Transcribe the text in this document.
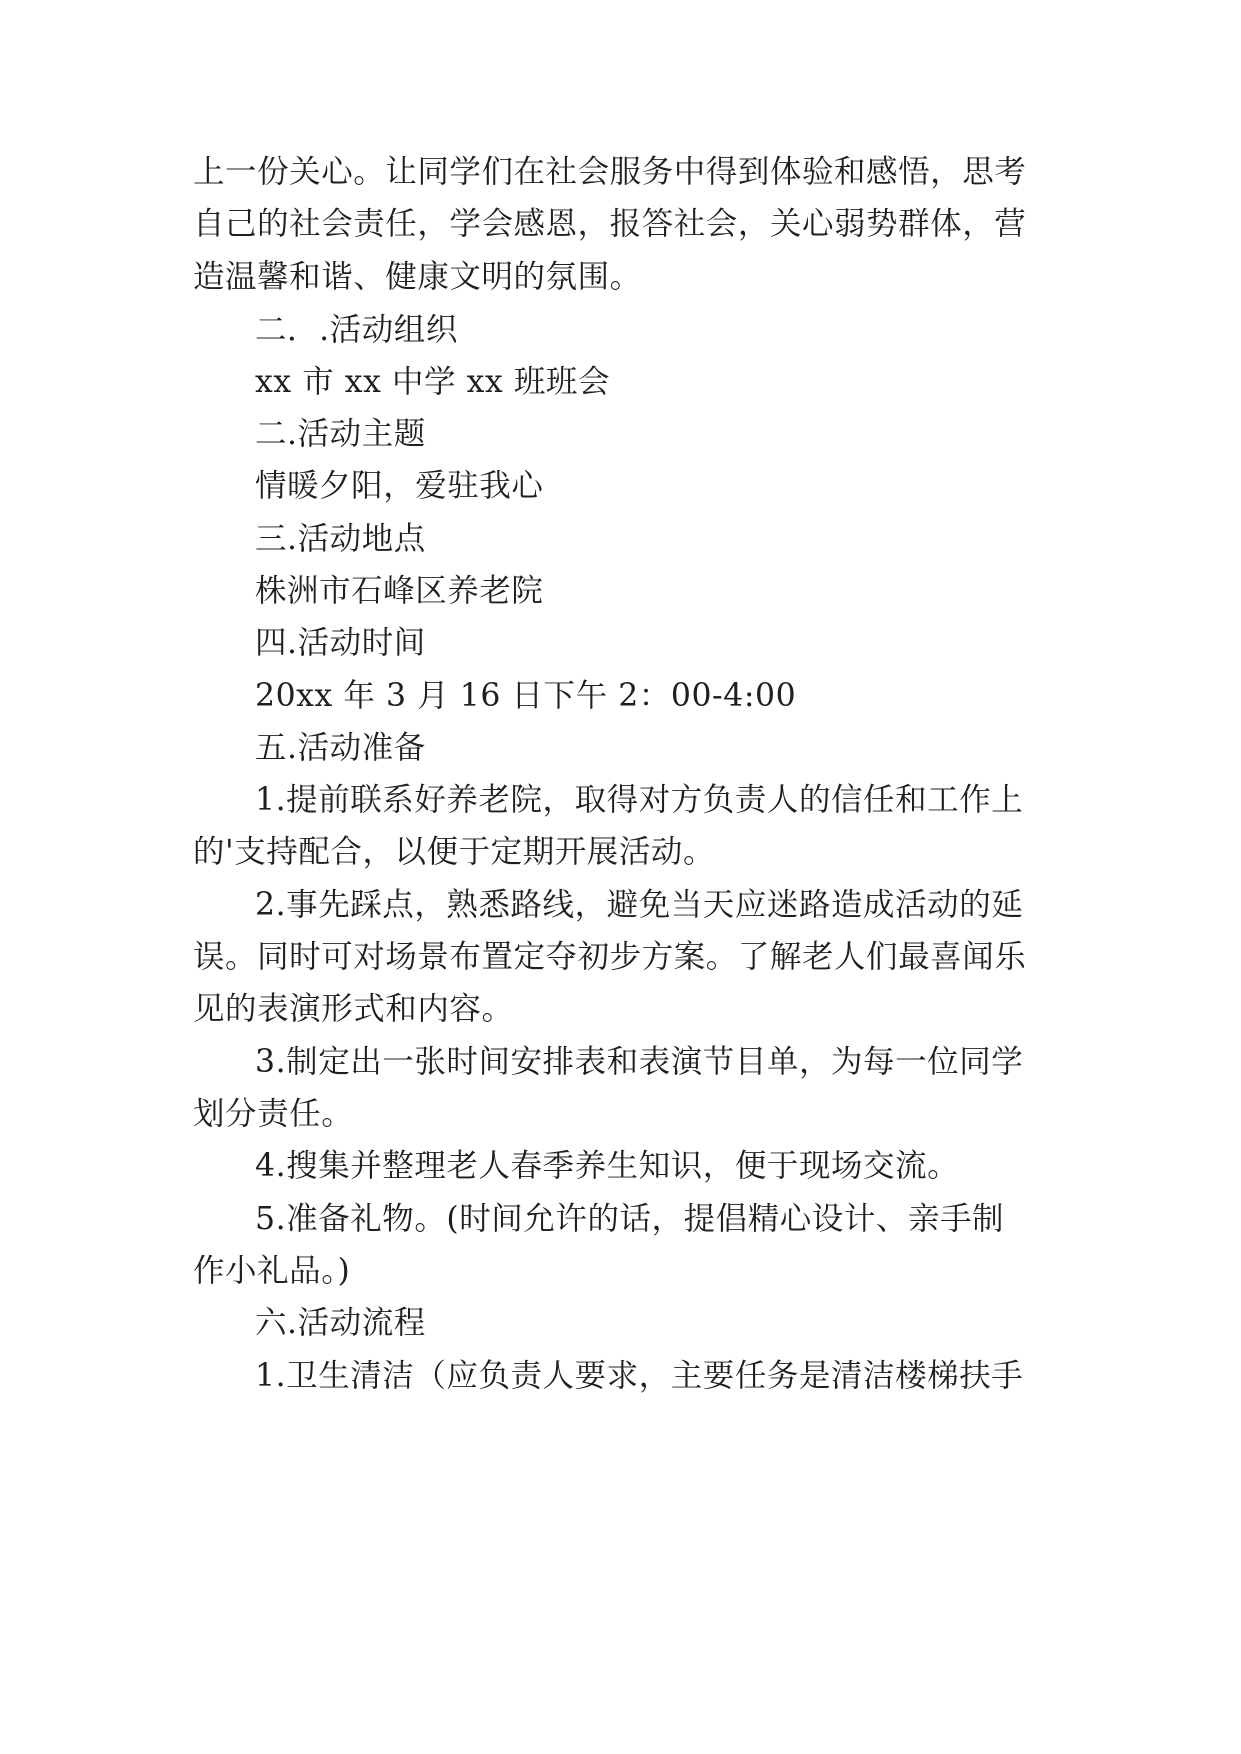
上一份关心。让同学们在社会服务中得到体验和感悟，思考
自己的社会责任，学会感恩，报答社会，关心弱势群体，营
造温馨和谐、健康文明的氛围。
二．.活动组织
xx 市 xx 中学 xx 班班会
二.活动主题
情暖夕阳，爱驻我心
三.活动地点
株洲市石峰区养老院
四.活动时间
20xx 年 3 月 16 日下午 2：00-4:00
五.活动准备
1.提前联系好养老院，取得对方负责人的信任和工作上
的'支持配合，以便于定期开展活动。
2.事先踩点，熟悉路线，避免当天应迷路造成活动的延
误。同时可对场景布置定夺初步方案。了解老人们最喜闻乐
见的表演形式和内容。
3.制定出一张时间安排表和表演节目单，为每一位同学
划分责任。
4.搜集并整理老人春季养生知识，便于现场交流。
5.准备礼物。(时间允许的话，提倡精心设计、亲手制
作小礼品。)
六.活动流程
1.卫生清洁（应负责人要求，主要任务是清洁楼梯扶手
